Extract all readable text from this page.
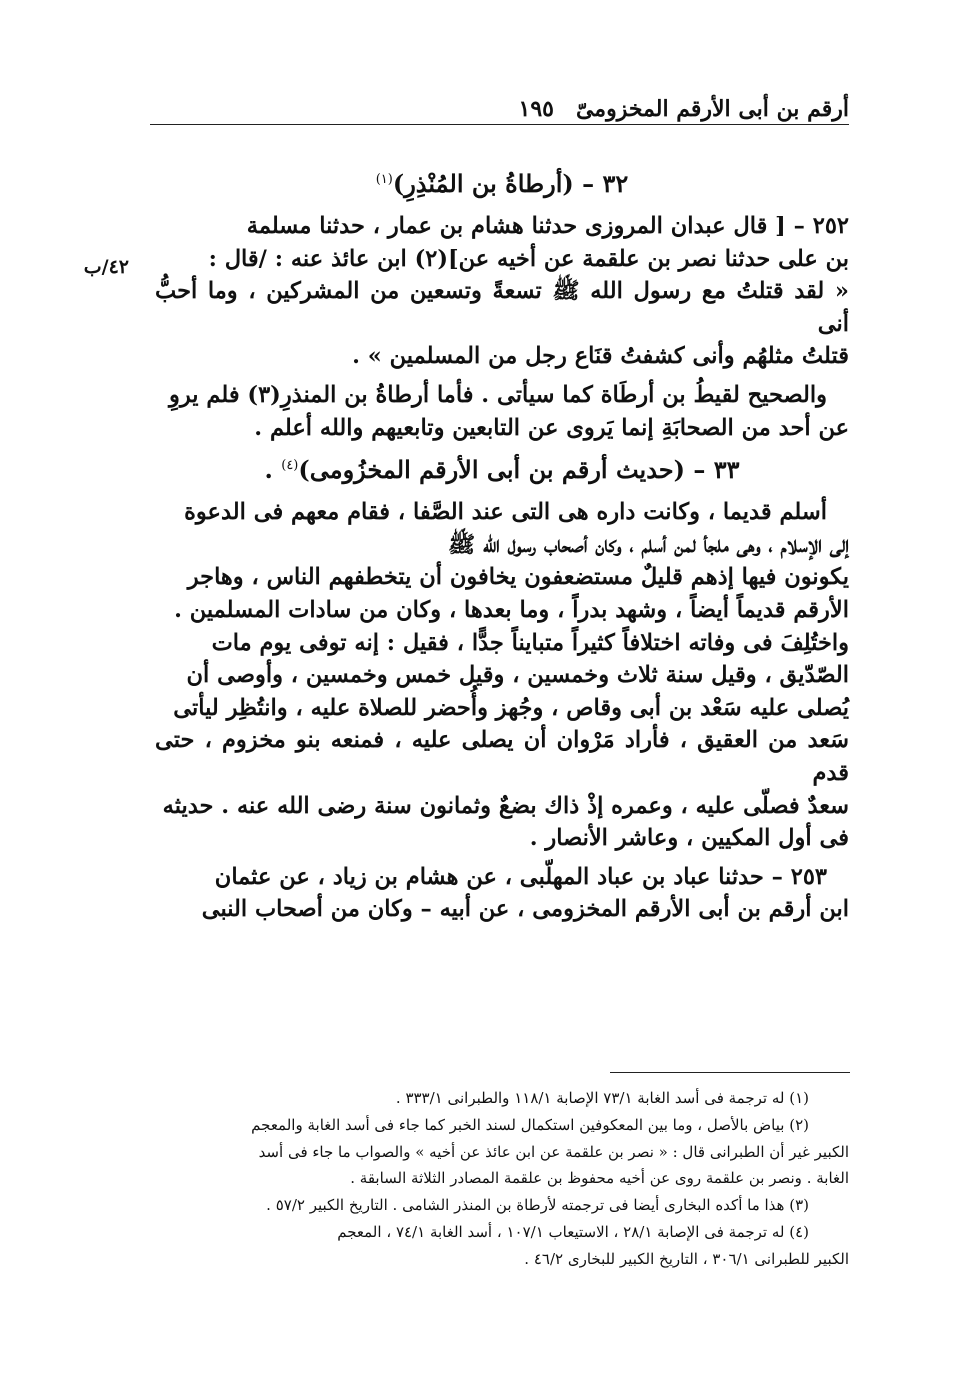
أرقم بن أبى الأرقم المخزومىّ
١٩٥
٤٢/ب
٣٢ – (أرطاةُ بن المُنْذِرِ)$^{(١)}$

٢٥٢ – [ قال عبدان المروزى حدثنا هشام بن عمار ، حدثنا مسلمة

بن على حدثنا نصر بن علقمة عن أخيه عن](٢) ابن عائذ عنه : /قال :

« لقد قتلتُ مع رسول الله ﷺ تسعةً وتسعين من المشركين ، وما أحبُّ أنى

قتلتُ مثلهُم وأنى كشفتُ قنَاع رجل من المسلمين » .

والصحيح لقيطُ بن أرطَاة كما سيأتى . فأما أرطاةُ بن المنذرِ(٣) فلم يروِ

عن أحد من الصحابَةِ إنما يَروى عن التابعين وتابعيهم والله أعلم .

٣٣ – (حديث أرقم بن أبى الأرقم المخزُومى)$^{(٤)}$ .

أسلم قديما ، وكانت داره هى التى عند الصَّفا ، فقام معهم فى الدعوة

إلى الإسلام ، وهى ملجأ لمن أسلم ، وكان أصحاب رسول الله ﷺ

يكونون فيها إذهم قليلٌ مستضعفون يخافون أن يتخطفهم الناس ، وهاجر

الأرقم قديماً أيضاً ، وشهد بدراً ، وما بعدها ، وكان من سادات المسلمين .

واختُلِفَ فى وفاته اختلافاً كثيراً متبايناً جدًّا ، فقيل : إنه توفى يوم مات

الصّدّيق ، وقيل سنة ثلاث وخمسين ، وقيل خمس وخمسين ، وأوصى أن

يُصلى عليه سَعْد بن أبى وقاص ، وجُهز وأُحضر للصلاة عليه ، وانتُظِر ليأتى

سَعد من العقيق ، فأراد مَرْوان أن يصلى عليه ، فمنعه بنو مخزوم ، حتى قدم

سعدٌ فصلّى عليه ، وعمره إذْ ذاك بضعٌ وثمانون سنة رضى الله عنه . حديثه

فى أول المكيين ، وعاشر الأنصار .

٢٥٣ – حدثنا عباد بن عباد المهلّبى ، عن هشام بن زياد ، عن عثمان

ابن أرقم بن أبى الأرقم المخزومى ، عن أبيه – وكان من أصحاب النبى

(١) له ترجمة فى أسد الغابة ٧٣/١ الإصابة ١١٨/١ والطبرانى ٣٣٣/١ .

(٢) بياض بالأصل ، وما بين المعكوفين استكمال لسند الخبر كما جاء فى أسد الغابة والمعجم

الكبير غير أن الطبرانى قال : « نصر بن علقمة عن ابن عائذ عن أخيه » والصواب ما جاء فى أسد

الغابة . ونصر بن علقمة روى عن أخيه محفوظ بن علقمة المصادر الثلاثة السابقة .

(٣) هذا ما أكده البخارى أيضا فى ترجمته لأرطاة بن المنذر الشامى . التاريخ الكبير ٥٧/٢ .

(٤) له ترجمة فى الإصابة ٢٨/١ ، الاستيعاب ١٠٧/١ ، أسد الغابة ٧٤/١ ، المعجم

الكبير للطبرانى ٣٠٦/١ ، التاريخ الكبير للبخارى ٤٦/٢ .
